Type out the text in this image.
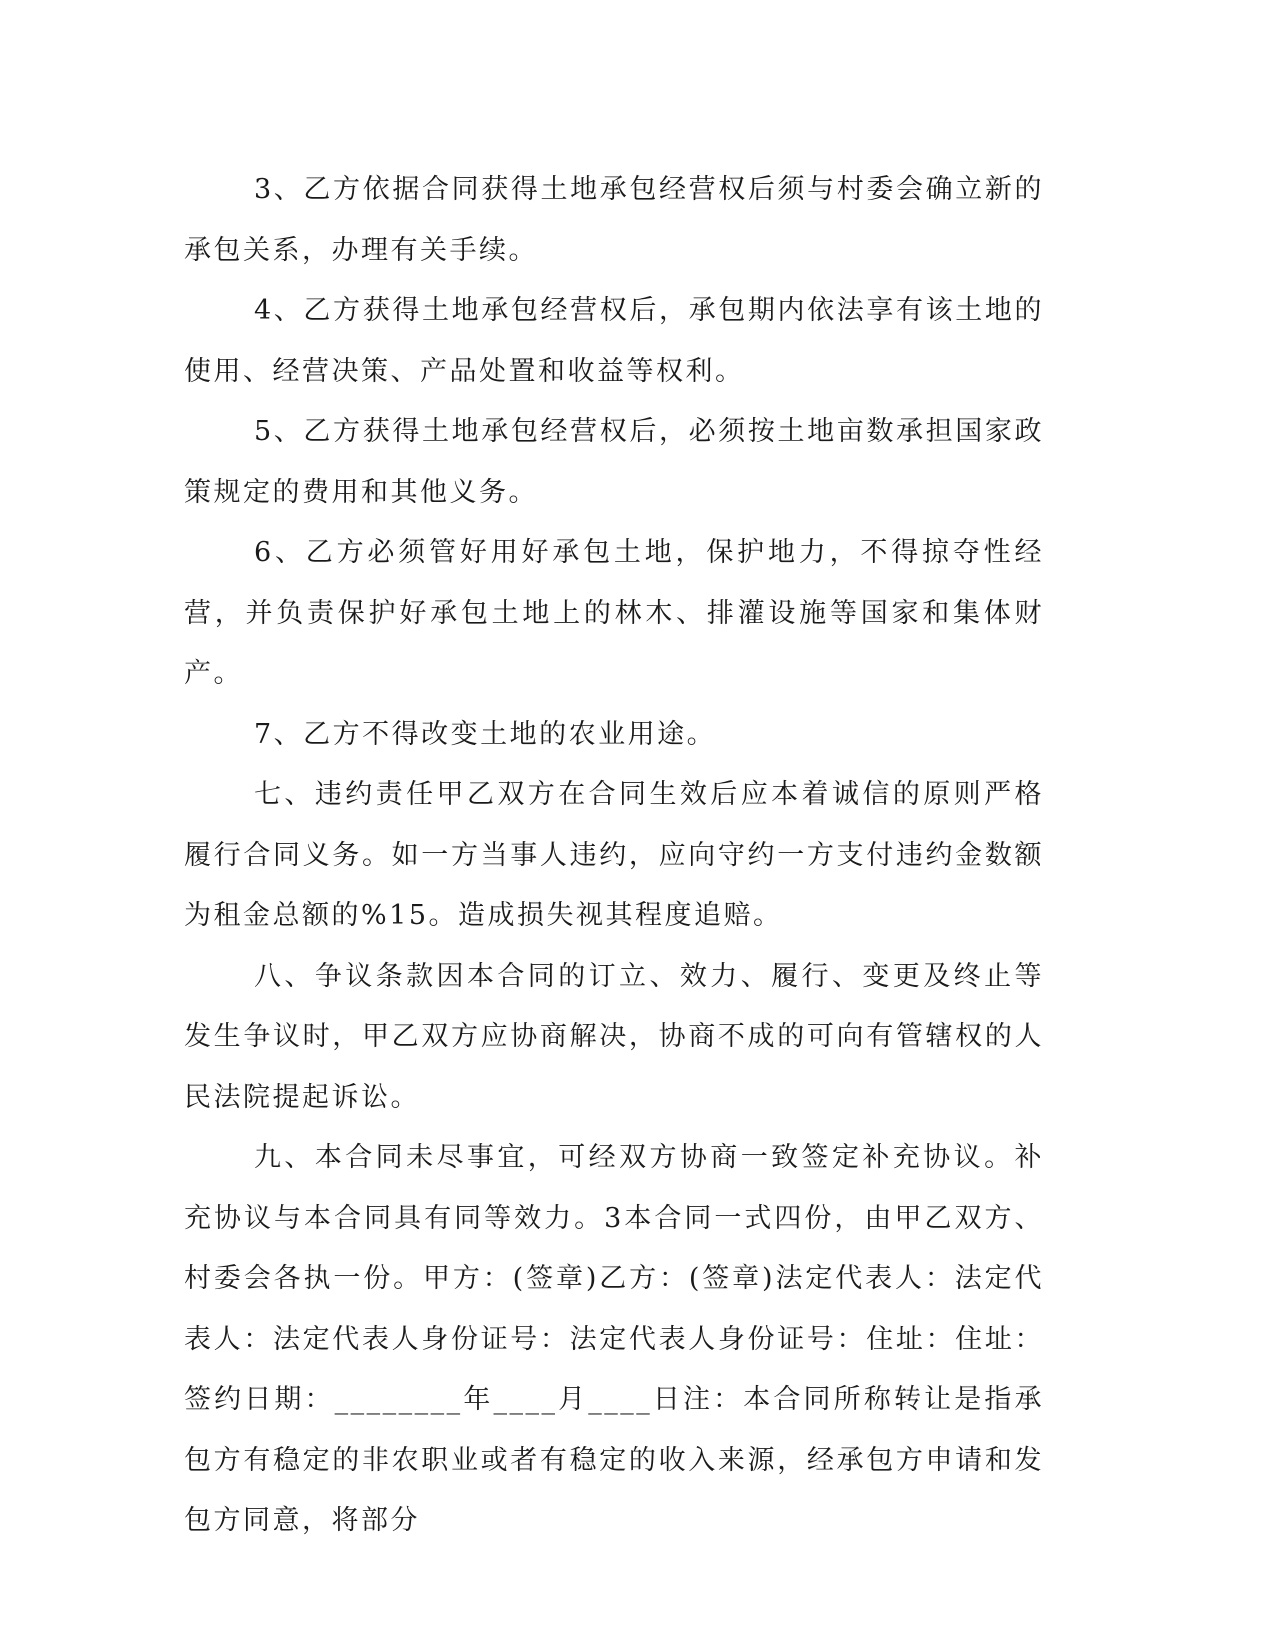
3、乙方依据合同获得土地承包经营权后须与村委会确立新的承包关系，办理有关手续。

4、乙方获得土地承包经营权后，承包期内依法享有该土地的使用、经营决策、产品处置和收益等权利。

5、乙方获得土地承包经营权后，必须按土地亩数承担国家政策规定的费用和其他义务。

6、乙方必须管好用好承包土地，保护地力，不得掠夺性经营，并负责保护好承包土地上的林木、排灌设施等国家和集体财产。

7、乙方不得改变土地的农业用途。

七、违约责任甲乙双方在合同生效后应本着诚信的原则严格履行合同义务。如一方当事人违约，应向守约一方支付违约金数额为租金总额的%15。造成损失视其程度追赔。

八、争议条款因本合同的订立、效力、履行、变更及终止等发生争议时，甲乙双方应协商解决，协商不成的可向有管辖权的人民法院提起诉讼。

九、本合同未尽事宜，可经双方协商一致签定补充协议。补充协议与本合同具有同等效力。3本合同一式四份，由甲乙双方、村委会各执一份。甲方：(签章)乙方：(签章)法定代表人：法定代表人：法定代表人身份证号：法定代表人身份证号：住址：住址：签约日期：________年____月____日注：本合同所称转让是指承包方有稳定的非农职业或者有稳定的收入来源，经承包方申请和发包方同意，将部分
